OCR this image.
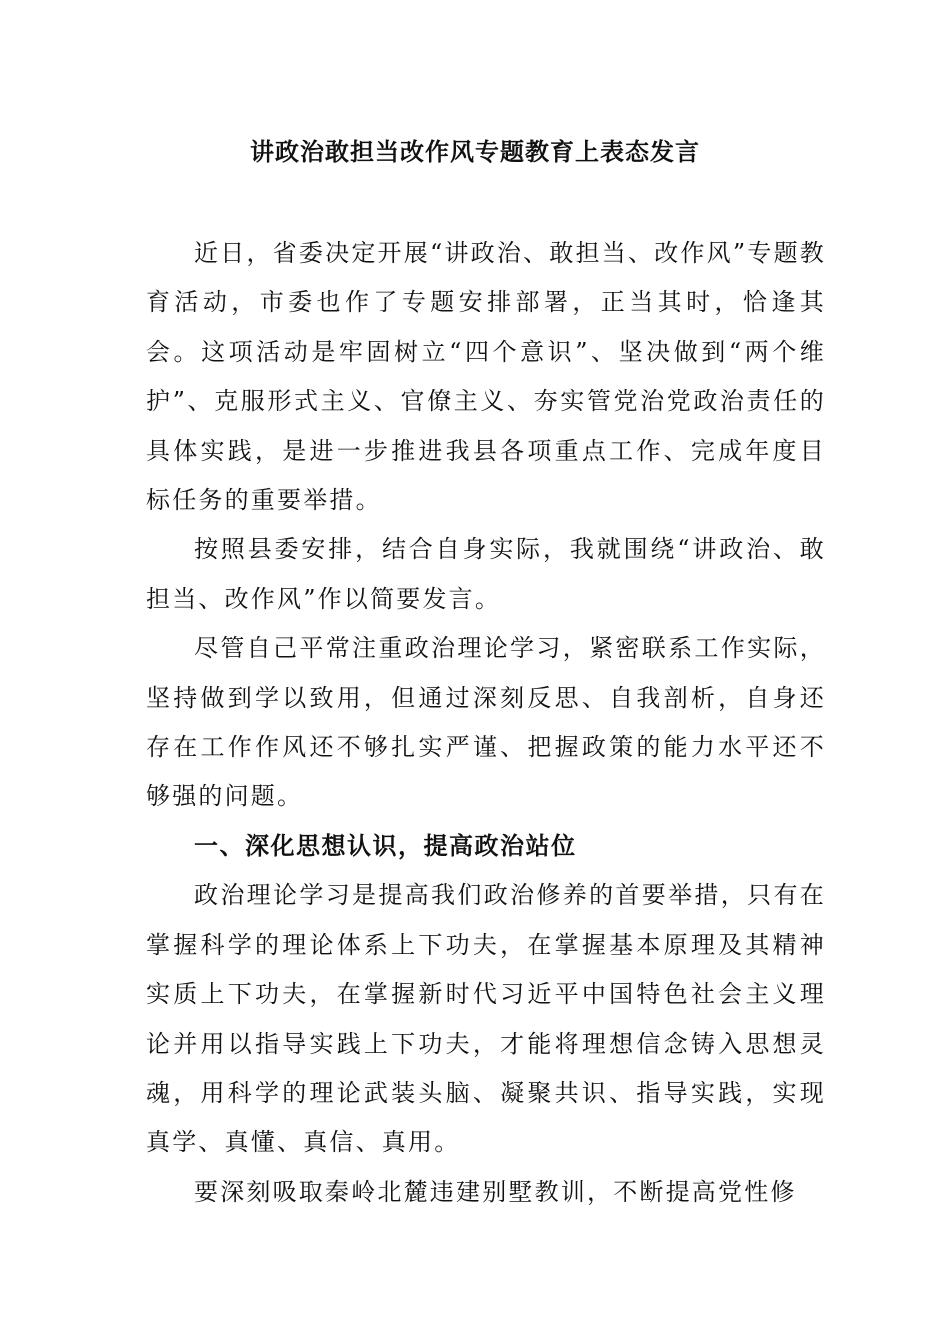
讲政治敢担当改作风专题教育上表态发言

近日，省委决定开展“讲政治、敢担当、改作风”专题教育活动，市委也作了专题安排部署，正当其时，恰逢其会。这项活动是牢固树立“四个意识”、坚决做到“两个维护”、克服形式主义、官僚主义、夯实管党治党政治责任的具体实践，是进一步推进我县各项重点工作、完成年度目标任务的重要举措。

按照县委安排，结合自身实际，我就围绕“讲政治、敢担当、改作风”作以简要发言。

尽管自己平常注重政治理论学习，紧密联系工作实际，坚持做到学以致用，但通过深刻反思、自我剖析，自身还存在工作作风还不够扎实严谨、把握政策的能力水平还不够强的问题。

一、深化思想认识，提高政治站位

政治理论学习是提高我们政治修养的首要举措，只有在掌握科学的理论体系上下功夫，在掌握基本原理及其精神实质上下功夫，在掌握新时代习近平中国特色社会主义理论并用以指导实践上下功夫，才能将理想信念铸入思想灵魂，用科学的理论武装头脑、凝聚共识、指导实践，实现真学、真懂、真信、真用。

要深刻吸取秦岭北麓违建别墅教训，不断提高党性修
